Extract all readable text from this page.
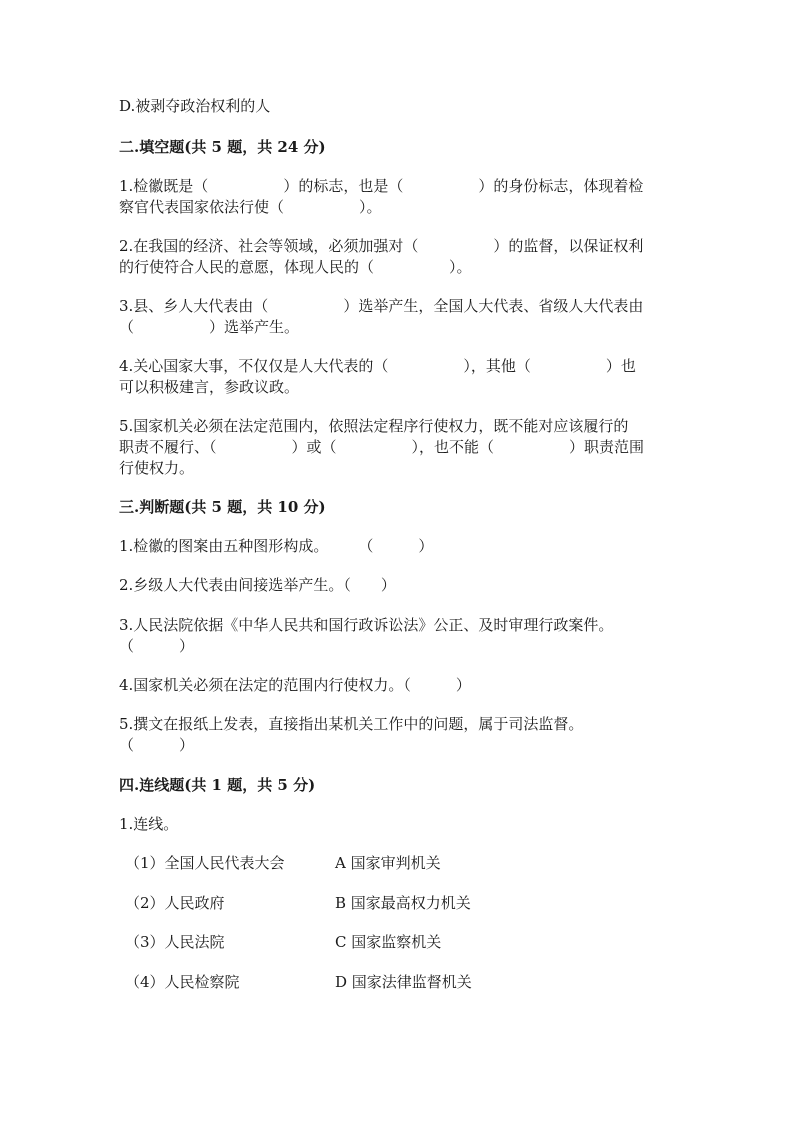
D.被剥夺政治权利的人
二.填空题(共 5 题，共 24 分)
1.检徽既是（　　　　　）的标志，也是（　　　　　）的身份标志，体现着检
察官代表国家依法行使（　　　　　）。
2.在我国的经济、社会等领域，必须加强对（　　　　　）的监督，以保证权利
的行使符合人民的意愿，体现人民的（　　　　　）。
3.县、乡人大代表由（　　　　　）选举产生，全国人大代表、省级人大代表由
（　　　　　）选举产生。
4.关心国家大事，不仅仅是人大代表的（　　　　　），其他（　　　　　）也
可以积极建言，参政议政。
5.国家机关必须在法定范围内，依照法定程序行使权力，既不能对应该履行的
职责不履行、（　　　　　）或（　　　　　），也不能（　　　　　）职责范围
行使权力。
三.判断题(共 5 题，共 10 分)
1.检徽的图案由五种图形构成。　　　（　　　）
2.乡级人大代表由间接选举产生。（　　）
3.人民法院依据《中华人民共和国行政诉讼法》公正、及时审理行政案件。
（　　　）
4.国家机关必须在法定的范围内行使权力。（　　　）
5.撰文在报纸上发表，直接指出某机关工作中的问题，属于司法监督。
（　　　）
四.连线题(共 1 题，共 5 分)
1.连线。
（1）全国人民代表大会	A 国家审判机关
（2）人民政府	B 国家最高权力机关
（3）人民法院	C 国家监察机关
（4）人民检察院	D 国家法律监督机关
